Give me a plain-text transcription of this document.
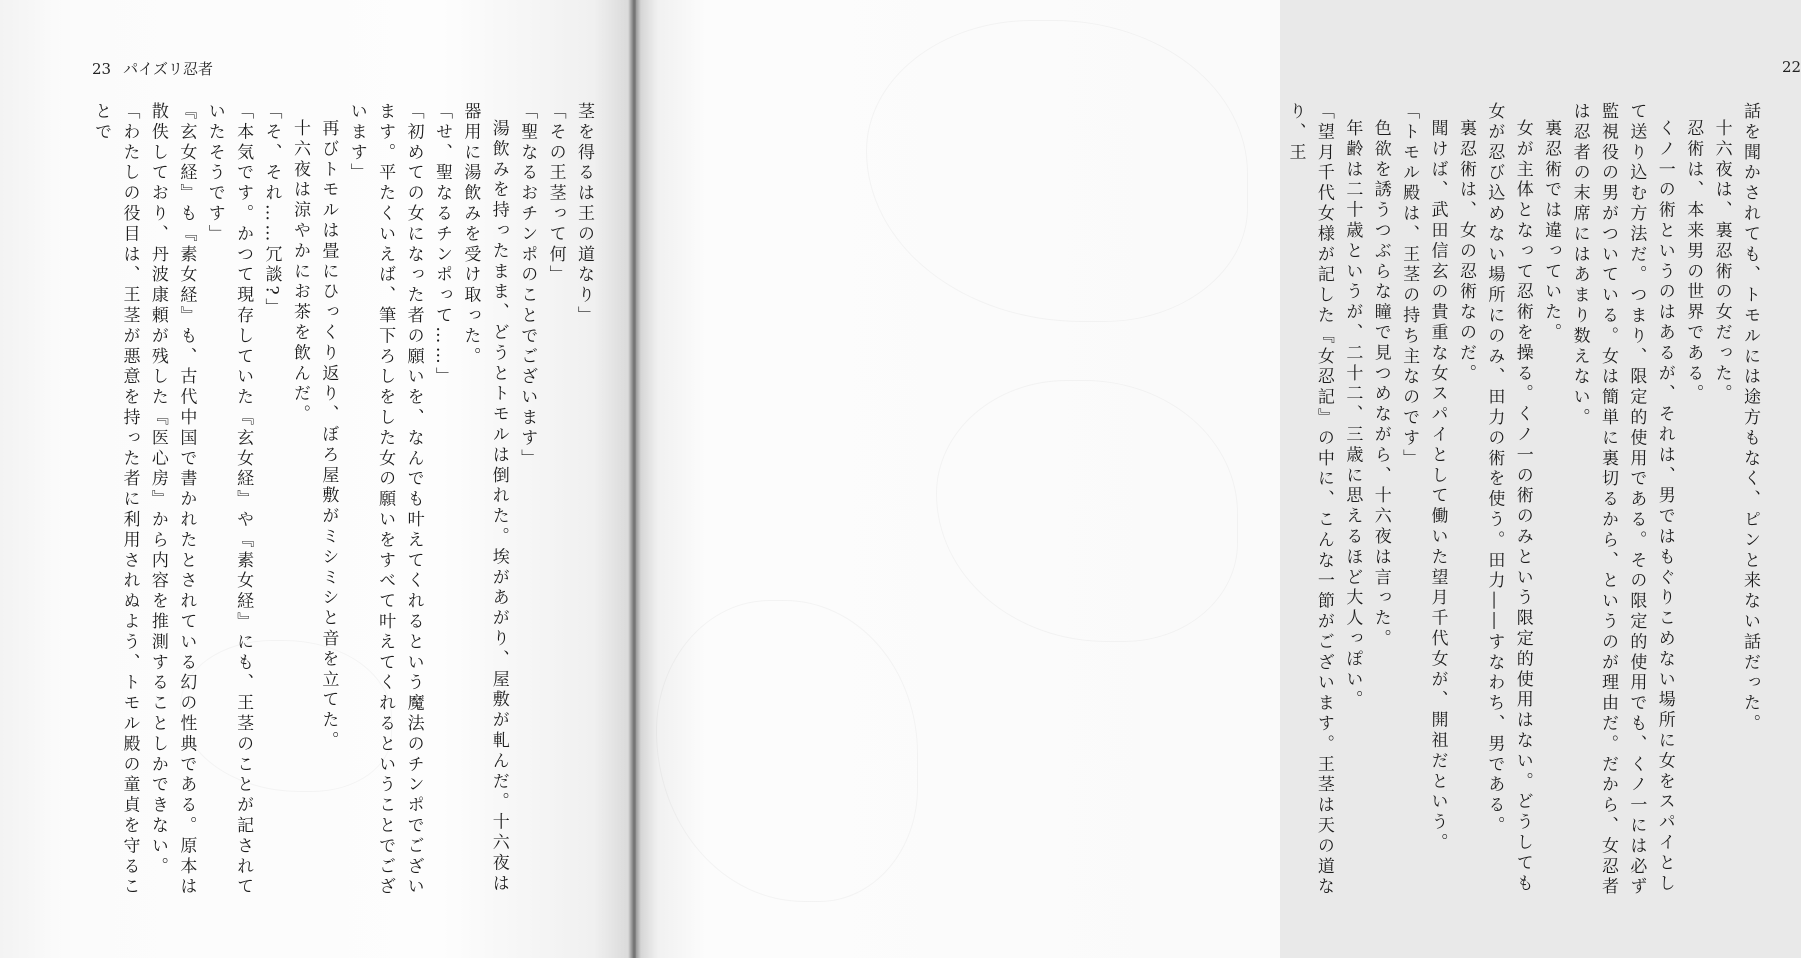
23 パイズリ忍者

茎を得るは王の道なり」

「その王茎って何」

「聖なるおチンポのことでございます」

湯飲みを持ったまま、どうとトモルは倒れた。埃があがり、屋敷が軋んだ。十六夜は器用に湯飲みを受け取った。

「せ、聖なるチンポって……」

「初めての女になった者の願いを、なんでも叶えてくれるという魔法のチンポでございます。平たくいえば、筆下ろしをした女の願いをすべて叶えてくれるということでございます」

再びトモルは畳にひっくり返り、ぼろ屋敷がミシミシと音を立てた。

十六夜は涼やかにお茶を飲んだ。

「そ、それ……冗談?」

「本気です。かつて現存していた『玄女経』や『素女経』にも、王茎のことが記されていたそうです」

『玄女経』も『素女経』も、古代中国で書かれたとされている幻の性典である。原本は散佚しており、丹波康頼が残した『医心房』から内容を推測することしかできない。

「わたしの役目は、王茎が悪意を持った者に利用されぬよう、トモル殿の童貞を守ることで

22

話を聞かされても、トモルには途方もなく、ピンと来ない話だった。

十六夜は、裏忍術の女だった。

忍術は、本来男の世界である。

くノ一の術というのはあるが、それは、男ではもぐりこめない場所に女をスパイとして送り込む方法だ。つまり、限定的使用である。その限定的使用でも、くノ一には必ず監視役の男がついている。女は簡単に裏切るから、というのが理由だ。だから、女忍者は忍者の末席にはあまり数えない。

裏忍術では違っていた。

女が主体となって忍術を操る。くノ一の術のみという限定的使用はない。どうしても女が忍び込めない場所にのみ、田力の術を使う。田力――すなわち、男である。

裏忍術は、女の忍術なのだ。

聞けば、武田信玄の貴重な女スパイとして働いた望月千代女が、開祖だという。

「トモル殿は、王茎の持ち主なのです」

色欲を誘うつぶらな瞳で見つめながら、十六夜は言った。

年齢は二十歳というが、二十二、三歳に思えるほど大人っぽい。

「望月千代女様が記した『女忍記』の中に、こんな一節がございます。王茎は天の道なり、王
